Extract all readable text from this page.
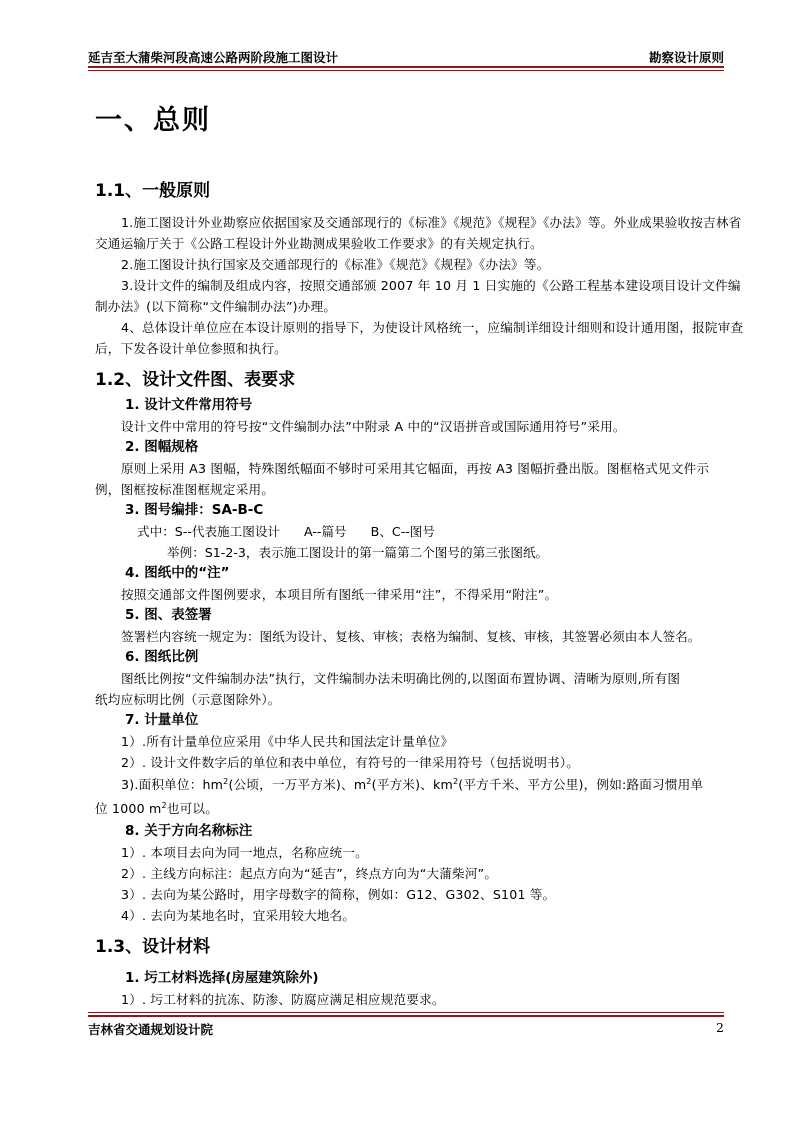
延吉至大蒲柴河段高速公路两阶段施工图设计	勘察设计原则
一、总则

1.1、一般原则

1.施工图设计外业勘察应依据国家及交通部现行的《标准》《规范》《规程》《办法》等。外业成果验收按吉林省交通运输厅关于《公路工程设计外业勘测成果验收工作要求》的有关规定执行。

2.施工图设计执行国家及交通部现行的《标准》《规范》《规程》《办法》等。

3.设计文件的编制及组成内容，按照交通部颁 2007 年 10 月 1 日实施的《公路工程基本建设项目设计文件编制办法》(以下简称“文件编制办法”)办理。

4、总体设计单位应在本设计原则的指导下，为使设计风格统一，应编制详细设计细则和设计通用图，报院审查后，下发各设计单位参照和执行。

1.2、设计文件图、表要求

1. 设计文件常用符号

设计文件中常用的符号按“文件编制办法”中附录 A 中的“汉语拼音或国际通用符号”采用。

2. 图幅规格

原则上采用 A3 图幅，特殊图纸幅面不够时可采用其它幅面，再按 A3 图幅折叠出版。图框格式见文件示

例，图框按标准图框规定采用。

3. 图号编排：SA-B-C

式中：S--代表施工图设计      A--篇号      B、C--图号

举例：S1-2-3，表示施工图设计的第一篇第二个图号的第三张图纸。

4. 图纸中的“注”

按照交通部文件图例要求，本项目所有图纸一律采用“注”，不得采用“附注”。

5. 图、表签署

签署栏内容统一规定为：图纸为设计、复核、审核；表格为编制、复核、审核，其签署必须由本人签名。

6. 图纸比例

图纸比例按“文件编制办法”执行，文件编制办法未明确比例的,以图面布置协调、清晰为原则,所有图

纸均应标明比例（示意图除外）。

7. 计量单位

1）.所有计量单位应采用《中华人民共和国法定计量单位》

2）. 设计文件数字后的单位和表中单位，有符号的一律采用符号（包括说明书）。

3).面积单位：$hm^2$(公顷，一万平方米)、$m^2$(平方米)、$km^2$(平方千米、平方公里)，例如:路面习惯用单

位 1000 $m^2$也可以。

8. 关于方向名称标注

1）. 本项目去向为同一地点，名称应统一。

2）. 主线方向标注：起点方向为“延吉”，终点方向为“大蒲柴河”。

3）. 去向为某公路时，用字母数字的简称，例如：G12、G302、S101 等。

4）. 去向为某地名时，宜采用较大地名。

1.3、设计材料

1. 圬工材料选择(房屋建筑除外)

1）. 圬工材料的抗冻、防渗、防腐应满足相应规范要求。

吉林省交通规划设计院	2
